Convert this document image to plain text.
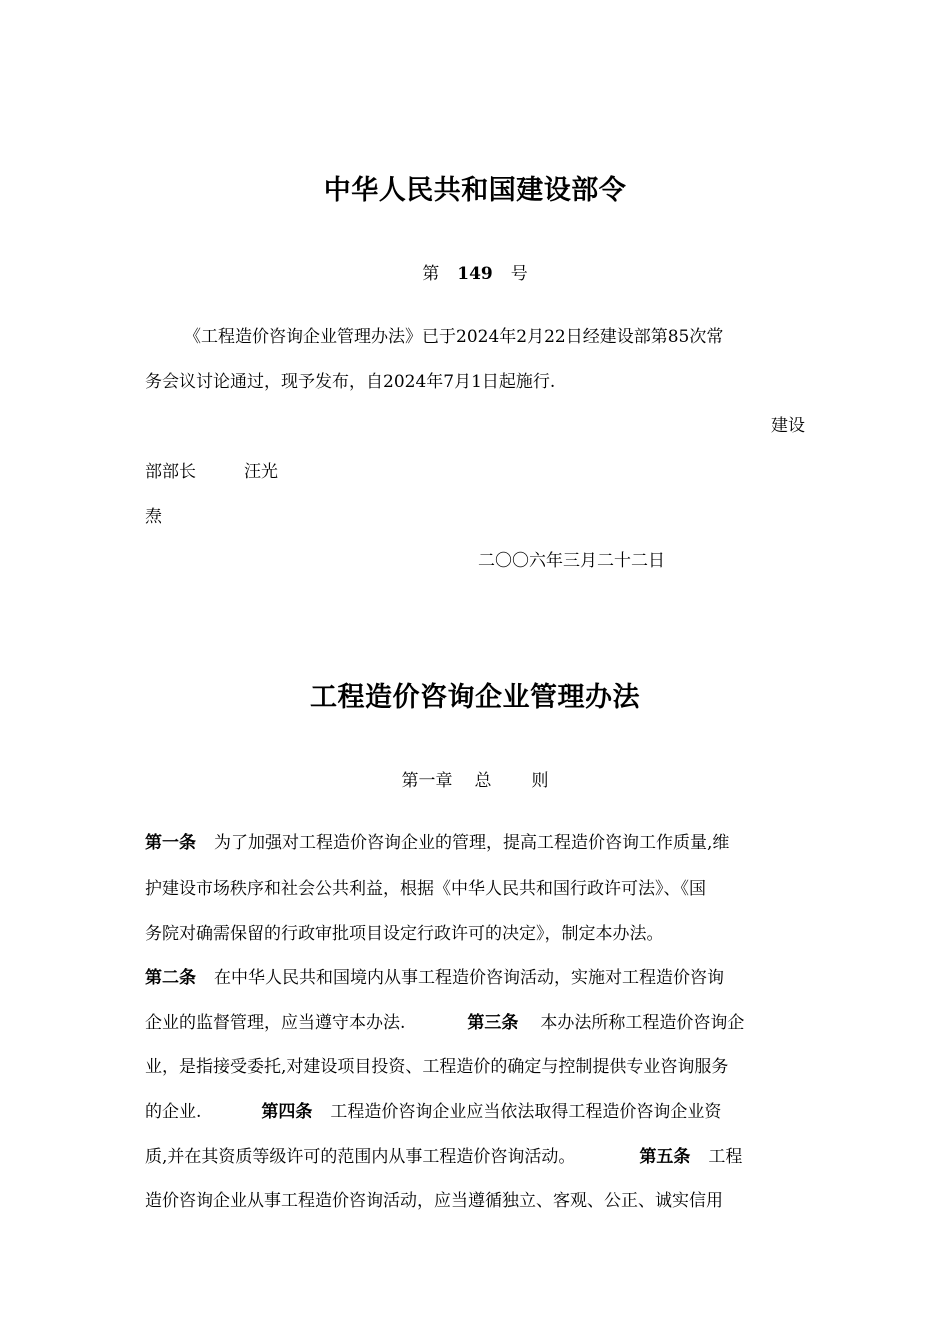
中华人民共和国建设部令
第 149 号
《工程造价咨询企业管理办法》已于2024年2月22日经建设部第85次常
务会议讨论通过，现予发布，自2024年7月1日起施行.
建设
部部长	汪光
焘
二〇〇六年三月二十二日
工程造价咨询企业管理办法
第一章 总 则
第一条 为了加强对工程造价咨询企业的管理，提高工程造价咨询工作质量,维
护建设市场秩序和社会公共利益，根据《中华人民共和国行政许可法》、《国
务院对确需保留的行政审批项目设定行政许可的决定》，制定本办法。
第二条 在中华人民共和国境内从事工程造价咨询活动，实施对工程造价咨询
企业的监督管理，应当遵守本办法.	第三条 本办法所称工程造价咨询企
业，是指接受委托,对建设项目投资、工程造价的确定与控制提供专业咨询服务
的企业.	第四条 工程造价咨询企业应当依法取得工程造价咨询企业资
质,并在其资质等级许可的范围内从事工程造价咨询活动。	第五条 工程
造价咨询企业从事工程造价咨询活动，应当遵循独立、客观、公正、诚实信用
